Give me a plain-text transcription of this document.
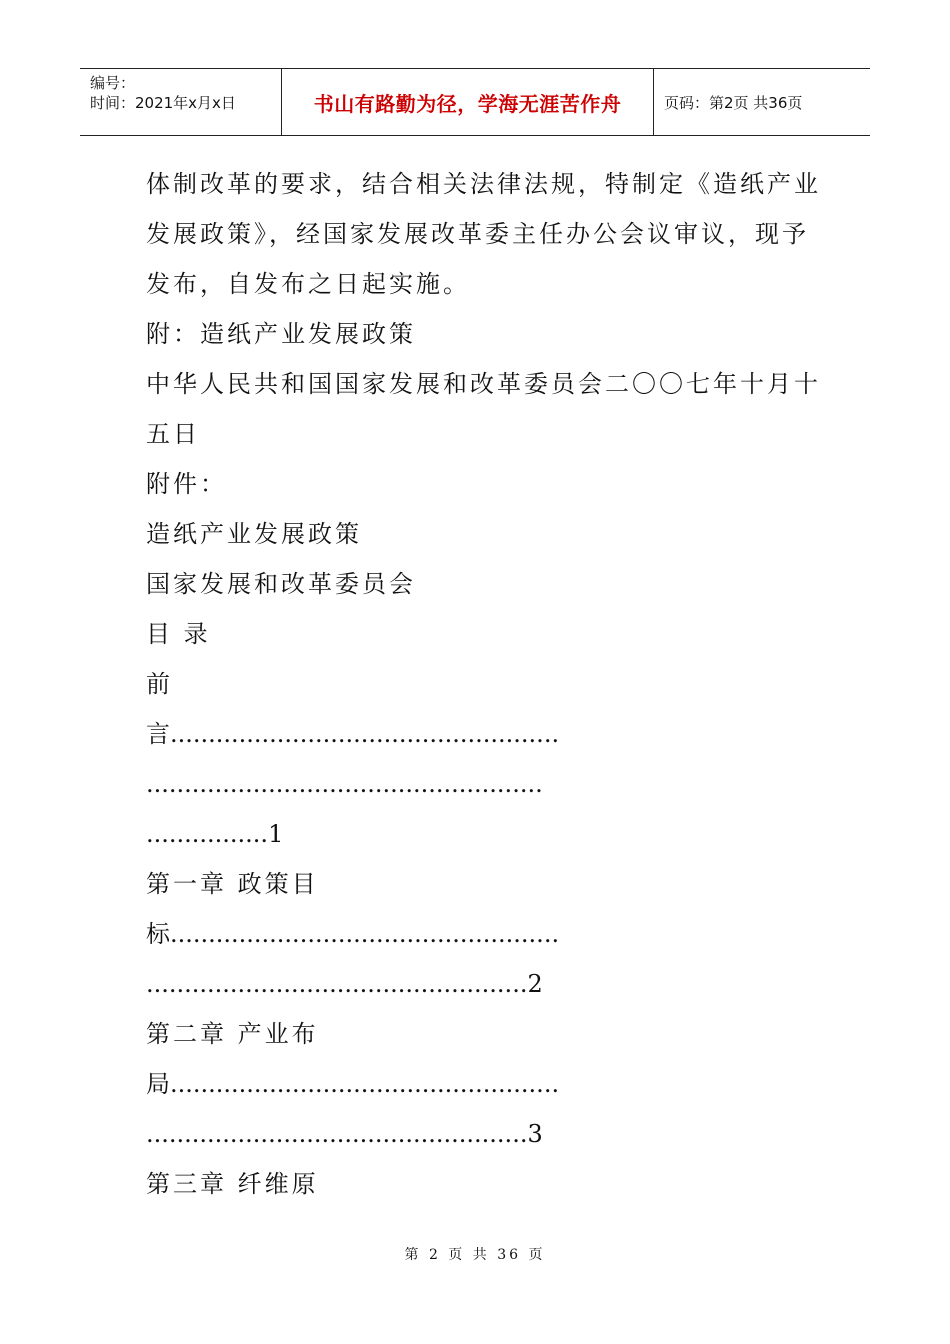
编号：
时间：2021年x月x日	书山有路勤为径，学海无涯苦作舟	页码：第2页 共36页
体制改革的要求，结合相关法律法规，特制定《造纸产业
发展政策》，经国家发展改革委主任办公会议审议，现予
发布，自发布之日起实施。
附：造纸产业发展政策
中华人民共和国国家发展和改革委员会二〇〇七年十月十
五日
附件：
造纸产业发展政策
国家发展和改革委员会
目 录
前
言...................................................
....................................................
................1
第一章 政策目
标...................................................
..................................................2
第二章 产业布
局...................................................
..................................................3
第三章 纤维原
第 2 页 共 36 页
